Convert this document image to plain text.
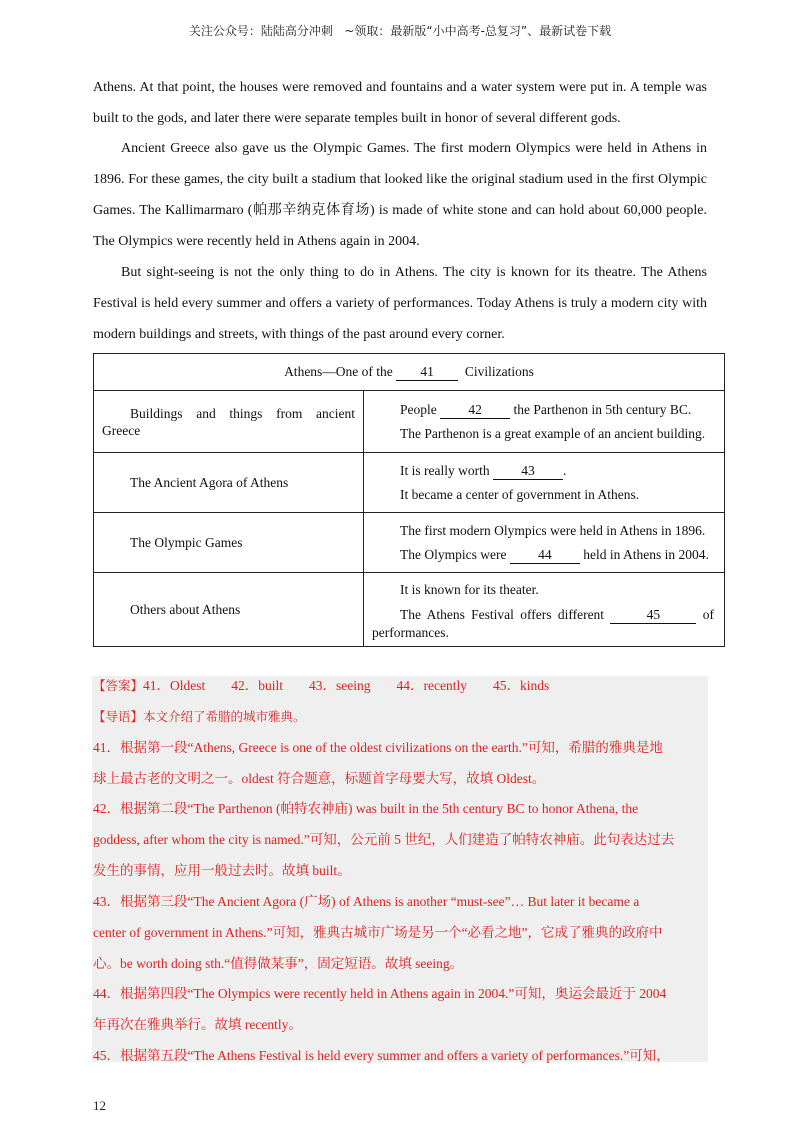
关注公众号：陆陆高分冲刺 ~领取：最新版“小中高考-总复习”、最新试卷下载

Athens. At that point, the houses were removed and fountains and a water system were put in. A temple was built to the gods, and later there were separate temples built in honor of several different gods.

Ancient Greece also gave us the Olympic Games. The first modern Olympics were held in Athens in 1896. For these games, the city built a stadium that looked like the original stadium used in the first Olympic Games. The Kallimarmaro (帕那辛纳克体育场) is made of white stone and can hold about 60,000 people. The Olympics were recently held in Athens again in 2004.

But sight-seeing is not the only thing to do in Athens. The city is known for its theatre. The Athens Festival is held every summer and offers a variety of performances. Today Athens is truly a modern city with modern buildings and streets, with things of the past around every corner.

Athens—One of the 41 Civilizations	

Buildings and things from ancient Greece	People 42 the Parthenon in 5th century BC.
The Parthenon is a great example of an ancient building.

The Ancient Agora of Athens	It is really worth 43 .
It became a center of government in Athens.

The Olympic Games	The first modern Olympics were held in Athens in 1896.
The Olympics were 44 held in Athens in 2004.

Others about Athens	It is known for its theater.
The Athens Festival offers different 45 of performances.

【答案】41．Oldest 42．built 43．seeing 44．recently 45．kinds

【导语】本文介绍了希腊的城市雅典。

41．根据第一段“Athens, Greece is one of the oldest civilizations on the earth.”可知，希腊的雅典是地

球上最古老的文明之一。oldest 符合题意，标题首字母要大写，故填 Oldest。

42．根据第二段“The Parthenon (帕特农神庙) was built in the 5th century BC to honor Athena, the

goddess, after whom the city is named.”可知，公元前 5 世纪，人们建造了帕特农神庙。此句表达过去

发生的事情，应用一般过去时。故填 built。

43．根据第三段“The Ancient Agora (广场) of Athens is another “must-see”… But later it became a

center of government in Athens.”可知，雅典古城市广场是另一个“必看之地”，它成了雅典的政府中

心。be worth doing sth.“值得做某事”，固定短语。故填 seeing。

44．根据第四段“The Olympics were recently held in Athens again in 2004.”可知，奥运会最近于 2004

年再次在雅典举行。故填 recently。

45．根据第五段“The Athens Festival is held every summer and offers a variety of performances.”可知，

12
